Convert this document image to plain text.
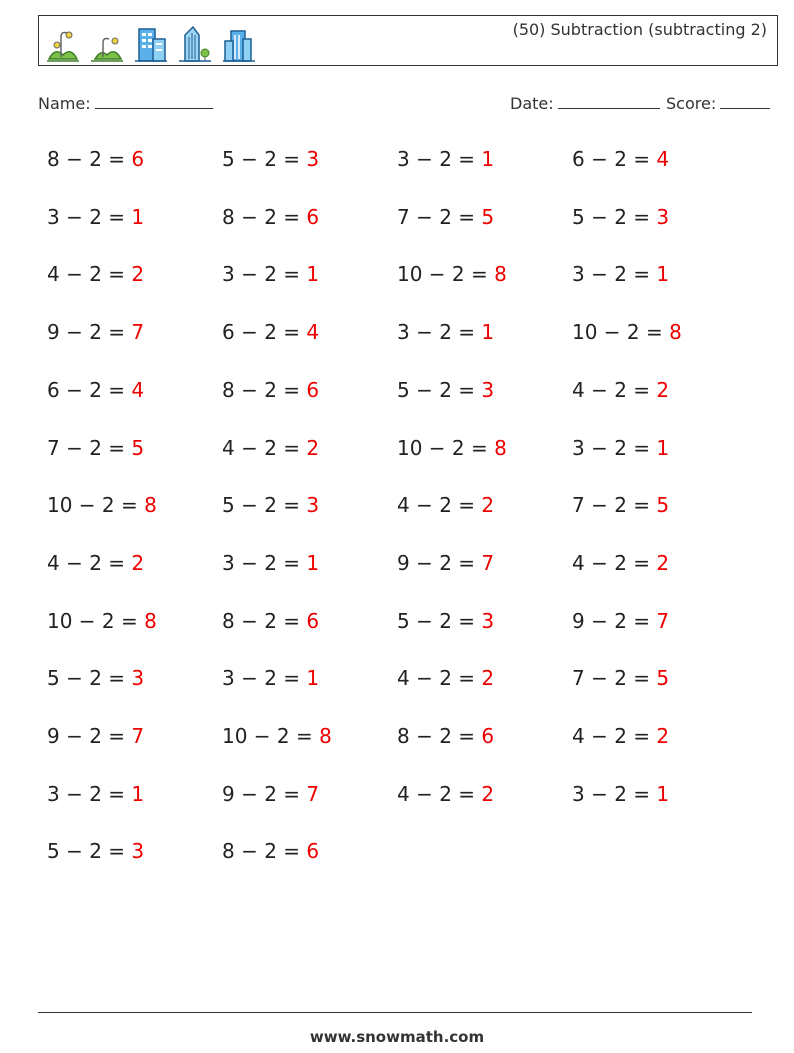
(50) Subtraction (subtracting 2)
Name:	Date:	Score:
8 − 2 = 6
3 − 2 = 1
4 − 2 = 2
9 − 2 = 7
6 − 2 = 4
7 − 2 = 5
10 − 2 = 8
4 − 2 = 2
10 − 2 = 8
5 − 2 = 3
9 − 2 = 7
3 − 2 = 1
5 − 2 = 3
5 − 2 = 3
8 − 2 = 6
3 − 2 = 1
6 − 2 = 4
8 − 2 = 6
4 − 2 = 2
5 − 2 = 3
3 − 2 = 1
8 − 2 = 6
3 − 2 = 1
10 − 2 = 8
9 − 2 = 7
8 − 2 = 6
3 − 2 = 1
7 − 2 = 5
10 − 2 = 8
3 − 2 = 1
5 − 2 = 3
10 − 2 = 8
4 − 2 = 2
9 − 2 = 7
5 − 2 = 3
4 − 2 = 2
8 − 2 = 6
4 − 2 = 2
6 − 2 = 4
5 − 2 = 3
3 − 2 = 1
10 − 2 = 8
4 − 2 = 2
3 − 2 = 1
7 − 2 = 5
4 − 2 = 2
9 − 2 = 7
7 − 2 = 5
4 − 2 = 2
3 − 2 = 1
www.snowmath.com
